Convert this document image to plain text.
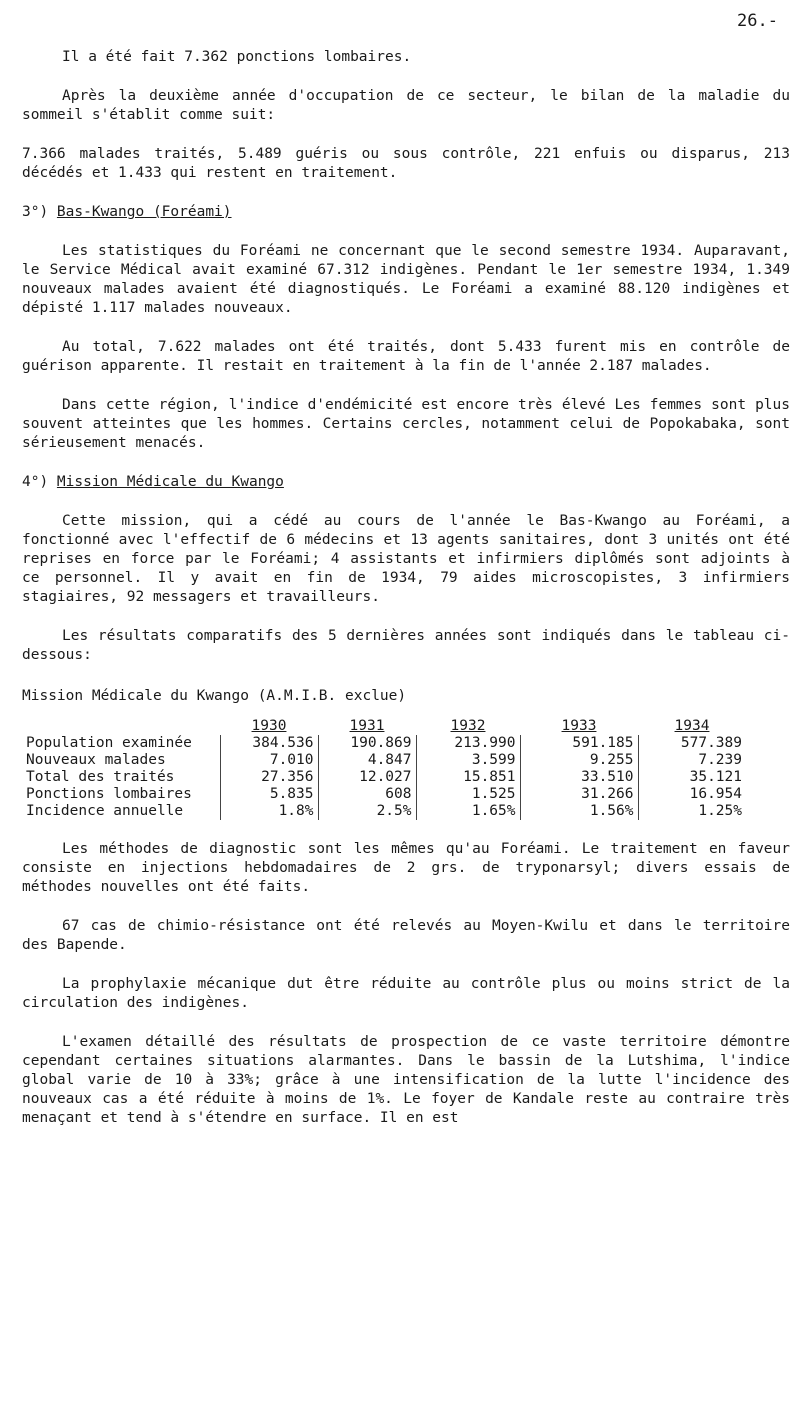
26.-

Il a été fait 7.362 ponctions lombaires.

Après la deuxième année d'occupation de ce secteur, le bilan de la maladie du sommeil s'établit comme suit:

7.366 malades traités, 5.489 guéris ou sous contrôle, 221 enfuis ou disparus, 213 décédés et 1.433 qui restent en traitement.

3°) Bas-Kwango (Foréami)

Les statistiques du Foréami ne concernant que le second semestre 1934. Auparavant, le Service Médical avait examiné 67.312 indigènes. Pendant le 1er semestre 1934, 1.349 nouveaux malades avaient été diagnostiqués. Le Foréami a examiné 88.120 indigènes et dépisté 1.117 malades nouveaux.

Au total, 7.622 malades ont été traités, dont 5.433 furent mis en contrôle de guérison apparente. Il restait en traitement à la fin de l'année 2.187 malades.

Dans cette région, l'indice d'endémicité est encore très élevé Les femmes sont plus souvent atteintes que les hommes. Certains cercles, notamment celui de Popokabaka, sont sérieusement menacés.

4°) Mission Médicale du Kwango

Cette mission, qui a cédé au cours de l'année le Bas-Kwango au Foréami, a fonctionné avec l'effectif de 6 médecins et 13 agents sanitaires, dont 3 unités ont été reprises en force par le Foréami; 4 assistants et infirmiers diplômés sont adjoints à ce personnel. Il y avait en fin de 1934, 79 aides microscopistes, 3 infirmiers stagiaires, 92 messagers et travailleurs.

Les résultats comparatifs des 5 dernières années sont indiqués dans le tableau ci-dessous:

Mission Médicale du Kwango (A.M.I.B. exclue)

	1930	1931	1932	1933	1934
Population examinée	384.536	190.869	213.990	591.185	577.389
Nouveaux malades	7.010	4.847	3.599	9.255	7.239
Total des traités	27.356	12.027	15.851	33.510	35.121
Ponctions lombaires	5.835	608	1.525	31.266	16.954
Incidence annuelle	1.8%	2.5%	1.65%	1.56%	1.25%

Les méthodes de diagnostic sont les mêmes qu'au Foréami. Le traitement en faveur consiste en injections hebdomadaires de 2 grs. de tryponarsyl; divers essais de méthodes nouvelles ont été faits.

67 cas de chimio-résistance ont été relevés au Moyen-Kwilu et dans le territoire des Bapende.

La prophylaxie mécanique dut être réduite au contrôle plus ou moins strict de la circulation des indigènes.

L'examen détaillé des résultats de prospection de ce vaste territoire démontre cependant certaines situations alarmantes. Dans le bassin de la Lutshima, l'indice global varie de 10 à 33%; grâce à une intensification de la lutte l'incidence des nouveaux cas a été réduite à moins de 1%. Le foyer de Kandale reste au contraire très menaçant et tend à s'étendre en surface. Il en est
